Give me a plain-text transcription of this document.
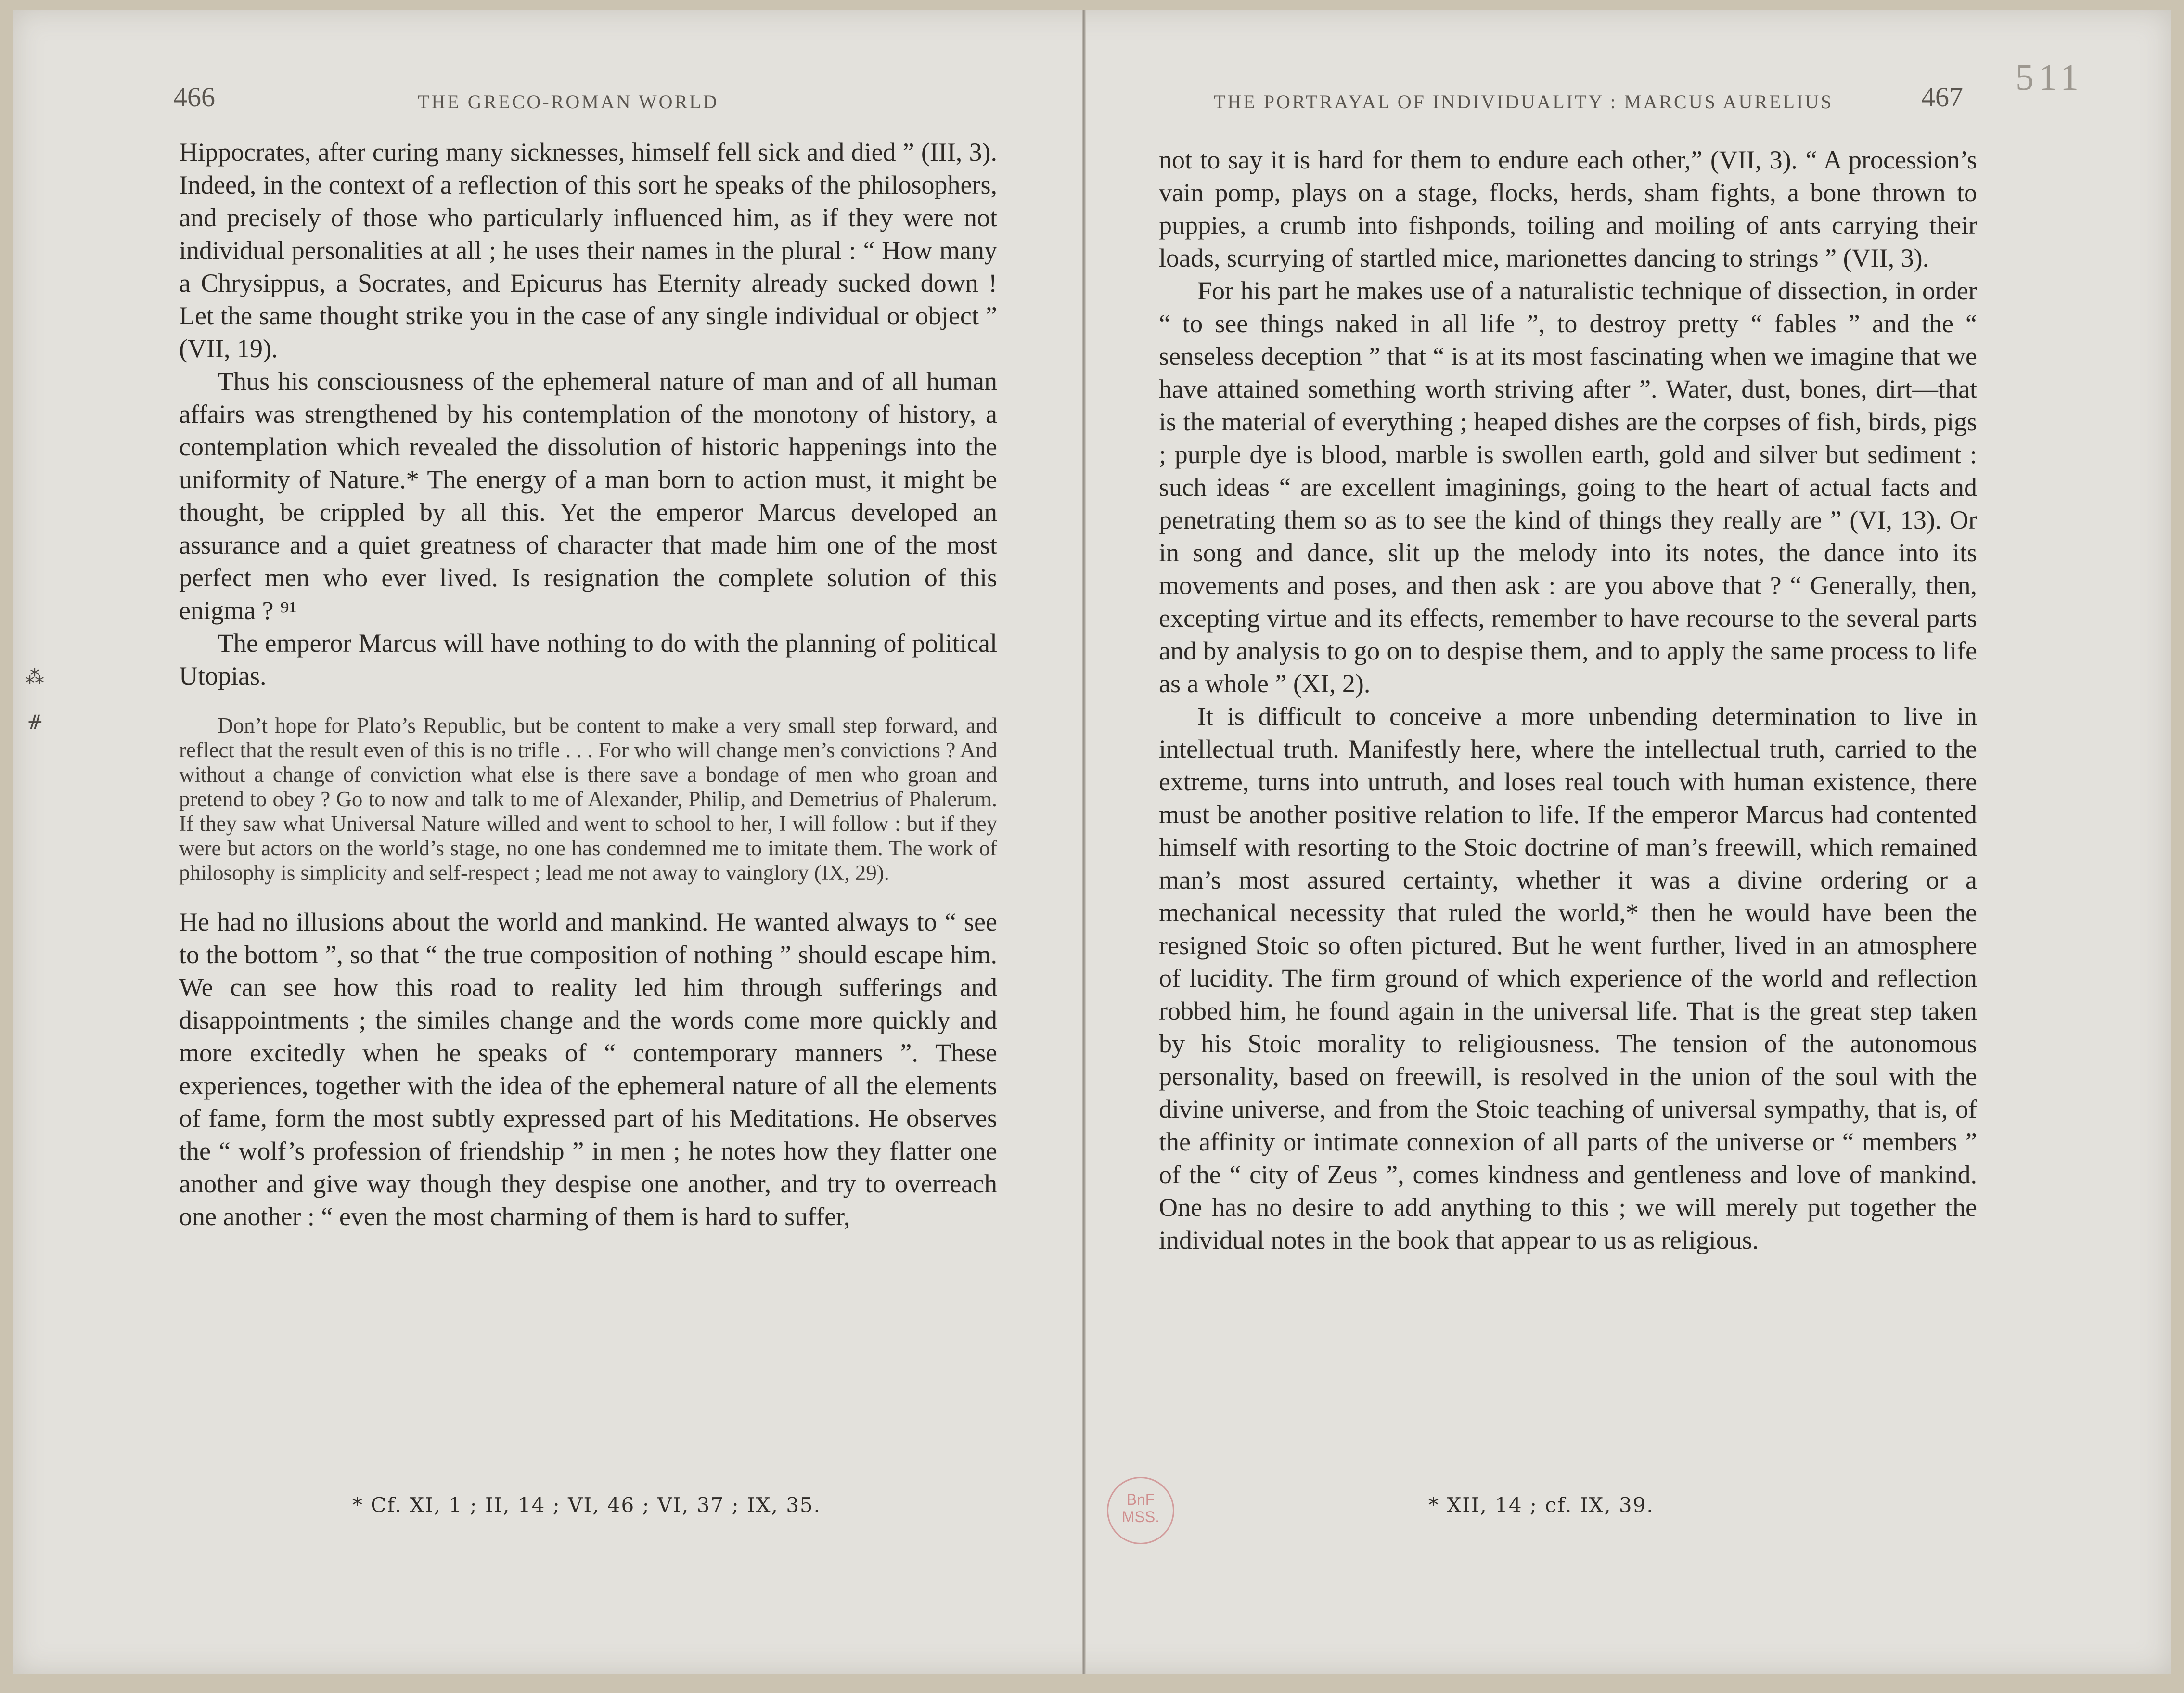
511
466	THE GRECO-ROMAN WORLD

Hippocrates, after curing many sicknesses, himself fell sick and died ” (III, 3). Indeed, in the context of a reflection of this sort he speaks of the philosophers, and precisely of those who particularly influenced him, as if they were not individual personalities at all ; he uses their names in the plural : “ How many a Chrysippus, a Socrates, and Epicurus has Eternity already sucked down ! Let the same thought strike you in the case of any single individual or object ” (VII, 19).

Thus his consciousness of the ephemeral nature of man and of all human affairs was strengthened by his contemplation of the monotony of history, a contemplation which revealed the dissolution of historic happenings into the uniformity of Nature.* The energy of a man born to action must, it might be thought, be crippled by all this. Yet the emperor Marcus developed an assurance and a quiet greatness of character that made him one of the most perfect men who ever lived. Is resignation the complete solution of this enigma ? ⁹¹

The emperor Marcus will have nothing to do with the planning of political Utopias.

Don’t hope for Plato’s Republic, but be content to make a very small step forward, and reflect that the result even of this is no trifle . . . For who will change men’s convictions ? And without a change of conviction what else is there save a bondage of men who groan and pretend to obey ? Go to now and talk to me of Alexander, Philip, and Demetrius of Phalerum. If they saw what Universal Nature willed and went to school to her, I will follow : but if they were but actors on the world’s stage, no one has condemned me to imitate them. The work of philosophy is simplicity and self-respect ; lead me not away to vainglory (IX, 29).

He had no illusions about the world and mankind. He wanted always to “ see to the bottom ”, so that “ the true composition of nothing ” should escape him. We can see how this road to reality led him through sufferings and disappointments ; the similes change and the words come more quickly and more excitedly when he speaks of “ contemporary manners ”. These experiences, together with the idea of the ephemeral nature of all the elements of fame, form the most subtly expressed part of his Meditations. He observes the “ wolf’s profession of friendship ” in men ; he notes how they flatter one another and give way though they despise one another, and try to overreach one another : “ even the most charming of them is hard to suffer,

* Cf. XI, 1 ; II, 14 ; VI, 46 ; VI, 37 ; IX, 35.
THE PORTRAYAL OF INDIVIDUALITY : MARCUS AURELIUS	467

not to say it is hard for them to endure each other,” (VII, 3). “ A procession’s vain pomp, plays on a stage, flocks, herds, sham fights, a bone thrown to puppies, a crumb into fishponds, toiling and moiling of ants carrying their loads, scurrying of startled mice, marionettes dancing to strings ” (VII, 3).

For his part he makes use of a naturalistic technique of dissection, in order “ to see things naked in all life ”, to destroy pretty “ fables ” and the “ senseless deception ” that “ is at its most fascinating when we imagine that we have attained something worth striving after ”. Water, dust, bones, dirt—that is the material of everything ; heaped dishes are the corpses of fish, birds, pigs ; purple dye is blood, marble is swollen earth, gold and silver but sediment : such ideas “ are excellent imaginings, going to the heart of actual facts and penetrating them so as to see the kind of things they really are ” (VI, 13). Or in song and dance, slit up the melody into its notes, the dance into its movements and poses, and then ask : are you above that ? “ Generally, then, excepting virtue and its effects, remember to have recourse to the several parts and by analysis to go on to despise them, and to apply the same process to life as a whole ” (XI, 2).

It is difficult to conceive a more unbending determination to live in intellectual truth. Manifestly here, where the intellectual truth, carried to the extreme, turns into untruth, and loses real touch with human existence, there must be another positive relation to life. If the emperor Marcus had contented himself with resorting to the Stoic doctrine of man’s freewill, which remained man’s most assured certainty, whether it was a divine ordering or a mechanical necessity that ruled the world,* then he would have been the resigned Stoic so often pictured. But he went further, lived in an atmosphere of lucidity. The firm ground of which experience of the world and reflection robbed him, he found again in the universal life. That is the great step taken by his Stoic morality to religiousness. The tension of the autonomous personality, based on freewill, is resolved in the union of the soul with the divine universe, and from the Stoic teaching of universal sympathy, that is, of the affinity or intimate connexion of all parts of the universe or “ members ” of the “ city of Zeus ”, comes kindness and gentleness and love of mankind. One has no desire to add anything to this ; we will merely put together the individual notes in the book that appear to us as religious.

* XII, 14 ; cf. IX, 39.
BnF
MSS.
⁂
ᚌ
